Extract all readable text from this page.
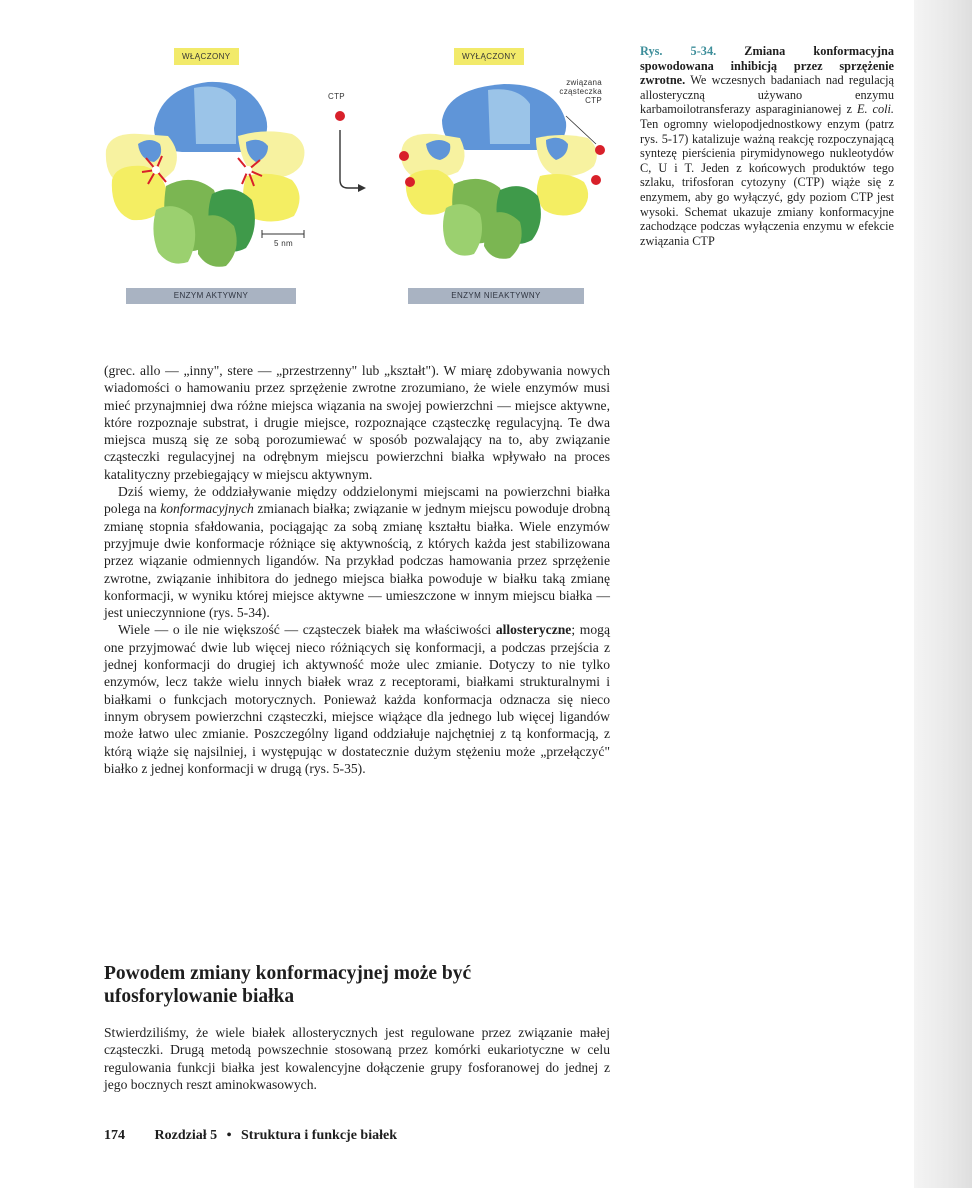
WŁĄCZONY	WYŁĄCZONY
CTP
związana
cząsteczka
CTP
5 nm
ENZYM AKTYWNY	ENZYM NIEAKTYWNY
Rys. 5-34. Zmiana konformacyjna spowodowana inhibicją przez sprzężenie zwrotne. We wczesnych badaniach nad regulacją allosteryczną używano enzymu karbamoilotransferazy asparaginianowej z E. coli. Ten ogromny wielopodjednostkowy enzym (patrz rys. 5-17) katalizuje ważną reakcję rozpoczynającą syntezę pierścienia pirymidynowego nukleotydów C, U i T. Jeden z końcowych produktów tego szlaku, trifosforan cytozyny (CTP) wiąże się z enzymem, aby go wyłączyć, gdy poziom CTP jest wysoki. Schemat ukazuje zmiany konformacyjne zachodzące podczas wyłączenia enzymu w efekcie związania CTP

(grec. allo — „inny", stere — „przestrzenny" lub „kształt"). W miarę zdobywania nowych wiadomości o hamowaniu przez sprzężenie zwrotne zrozumiano, że wiele enzymów musi mieć przynajmniej dwa różne miejsca wiązania na swojej powierzchni — miejsce aktywne, które rozpoznaje substrat, i drugie miejsce, rozpoznające cząsteczkę regulacyjną. Te dwa miejsca muszą się ze sobą porozumiewać w sposób pozwalający na to, aby związanie cząsteczki regulacyjnej na odrębnym miejscu powierzchni białka wpływało na proces katalityczny przebiegający w miejscu aktywnym.

Dziś wiemy, że oddziaływanie między oddzielonymi miejscami na powierzchni białka polega na konformacyjnych zmianach białka; związanie w jednym miejscu powoduje drobną zmianę stopnia sfałdowania, pociągając za sobą zmianę kształtu białka. Wiele enzymów przyjmuje dwie konformacje różniące się aktywnością, z których każda jest stabilizowana przez wiązanie odmiennych ligandów. Na przykład podczas hamowania przez sprzężenie zwrotne, związanie inhibitora do jednego miejsca białka powoduje w białku taką zmianę konformacji, w wyniku której miejsce aktywne — umieszczone w innym miejscu białka — jest unieczynnione (rys. 5-34).

Wiele — o ile nie większość — cząsteczek białek ma właściwości allosteryczne; mogą one przyjmować dwie lub więcej nieco różniących się konformacji, a podczas przejścia z jednej konformacji do drugiej ich aktywność może ulec zmianie. Dotyczy to nie tylko enzymów, lecz także wielu innych białek wraz z receptorami, białkami strukturalnymi i białkami o funkcjach motorycznych. Ponieważ każda konformacja odznacza się nieco innym obrysem powierzchni cząsteczki, miejsce wiążące dla jednego lub więcej ligandów może łatwo ulec zmianie. Poszczególny ligand oddziałuje najchętniej z tą konformacją, z którą wiąże się najsilniej, i występując w dostatecznie dużym stężeniu może „przełączyć" białko z jednej konformacji w drugą (rys. 5-35).

Powodem zmiany konformacyjnej może być
ufosforylowanie białka
Stwierdziliśmy, że wiele białek allosterycznych jest regulowane przez związanie małej cząsteczki. Drugą metodą powszechnie stosowaną przez komórki eukariotyczne w celu regulowania funkcji białka jest kowalencyjne dołączenie grupy fosforanowej do jednej z jego bocznych reszt aminokwasowych.
174 Rozdział 5 • Struktura i funkcje białek
